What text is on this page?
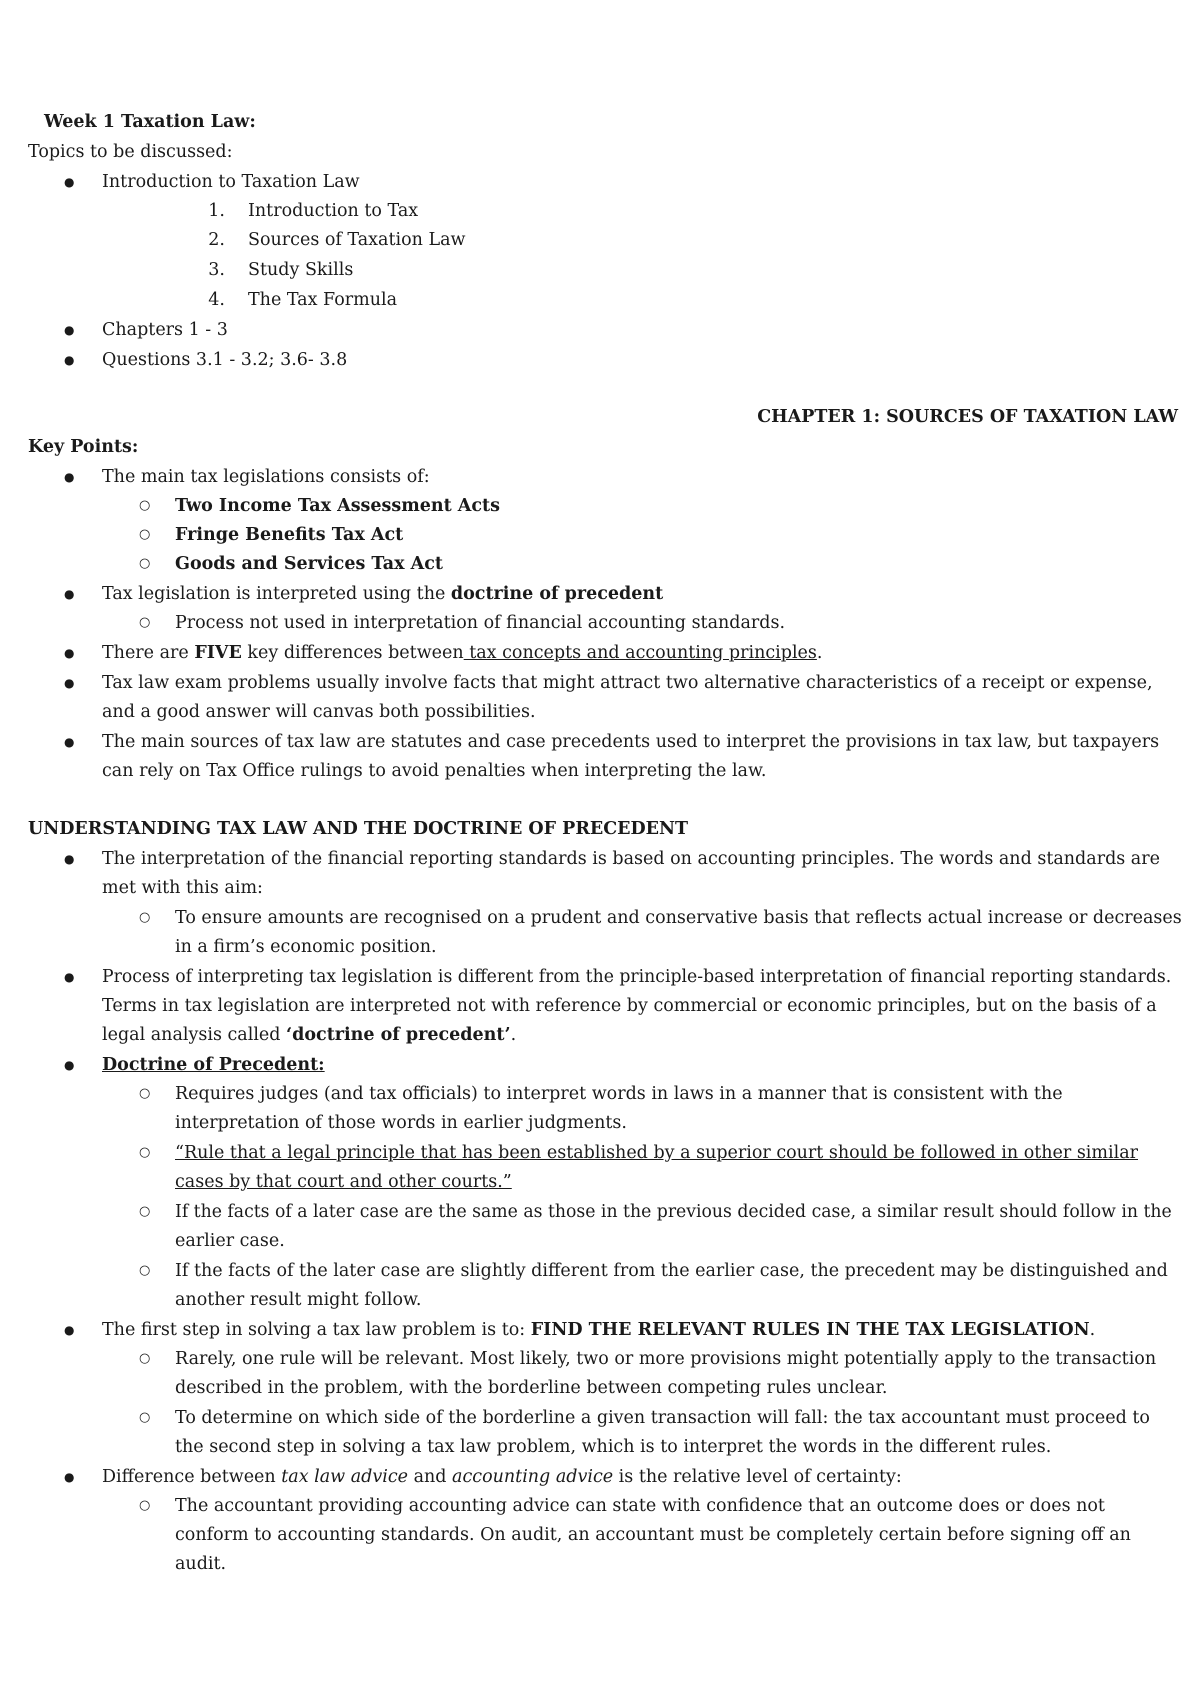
Week 1 Taxation Law:
Topics to be discussed:
● Introduction to Taxation Law
1. Introduction to Tax
2. Sources of Taxation Law
3. Study Skills
4. The Tax Formula
● Chapters 1 - 3
● Questions 3.1 - 3.2; 3.6- 3.8
CHAPTER 1: SOURCES OF TAXATION LAW
Key Points:
● The main tax legislations consists of:
○ Two Income Tax Assessment Acts
○ Fringe Benefits Tax Act
○ Goods and Services Tax Act
● Tax legislation is interpreted using the doctrine of precedent
○ Process not used in interpretation of financial accounting standards.
● There are FIVE key differences between tax concepts and accounting principles.
● Tax law exam problems usually involve facts that might attract two alternative characteristics of a receipt or expense,
and a good answer will canvas both possibilities.
● The main sources of tax law are statutes and case precedents used to interpret the provisions in tax law, but taxpayers
can rely on Tax Office rulings to avoid penalties when interpreting the law.
UNDERSTANDING TAX LAW AND THE DOCTRINE OF PRECEDENT
● The interpretation of the financial reporting standards is based on accounting principles. The words and standards are
met with this aim:
○ To ensure amounts are recognised on a prudent and conservative basis that reflects actual increase or decreases
in a firm’s economic position.
● Process of interpreting tax legislation is different from the principle-based interpretation of financial reporting standards.
Terms in tax legislation are interpreted not with reference by commercial or economic principles, but on the basis of a
legal analysis called ‘doctrine of precedent’.
● Doctrine of Precedent:
○ Requires judges (and tax officials) to interpret words in laws in a manner that is consistent with the
interpretation of those words in earlier judgments.
○ “Rule that a legal principle that has been established by a superior court should be followed in other similar
cases by that court and other courts.”
○ If the facts of a later case are the same as those in the previous decided case, a similar result should follow in the
earlier case.
○ If the facts of the later case are slightly different from the earlier case, the precedent may be distinguished and
another result might follow.
● The first step in solving a tax law problem is to: FIND THE RELEVANT RULES IN THE TAX LEGISLATION.
○ Rarely, one rule will be relevant. Most likely, two or more provisions might potentially apply to the transaction
described in the problem, with the borderline between competing rules unclear.
○ To determine on which side of the borderline a given transaction will fall: the tax accountant must proceed to
the second step in solving a tax law problem, which is to interpret the words in the different rules.
● Difference between tax law advice and accounting advice is the relative level of certainty:
○ The accountant providing accounting advice can state with confidence that an outcome does or does not
conform to accounting standards. On audit, an accountant must be completely certain before signing off an
audit.
